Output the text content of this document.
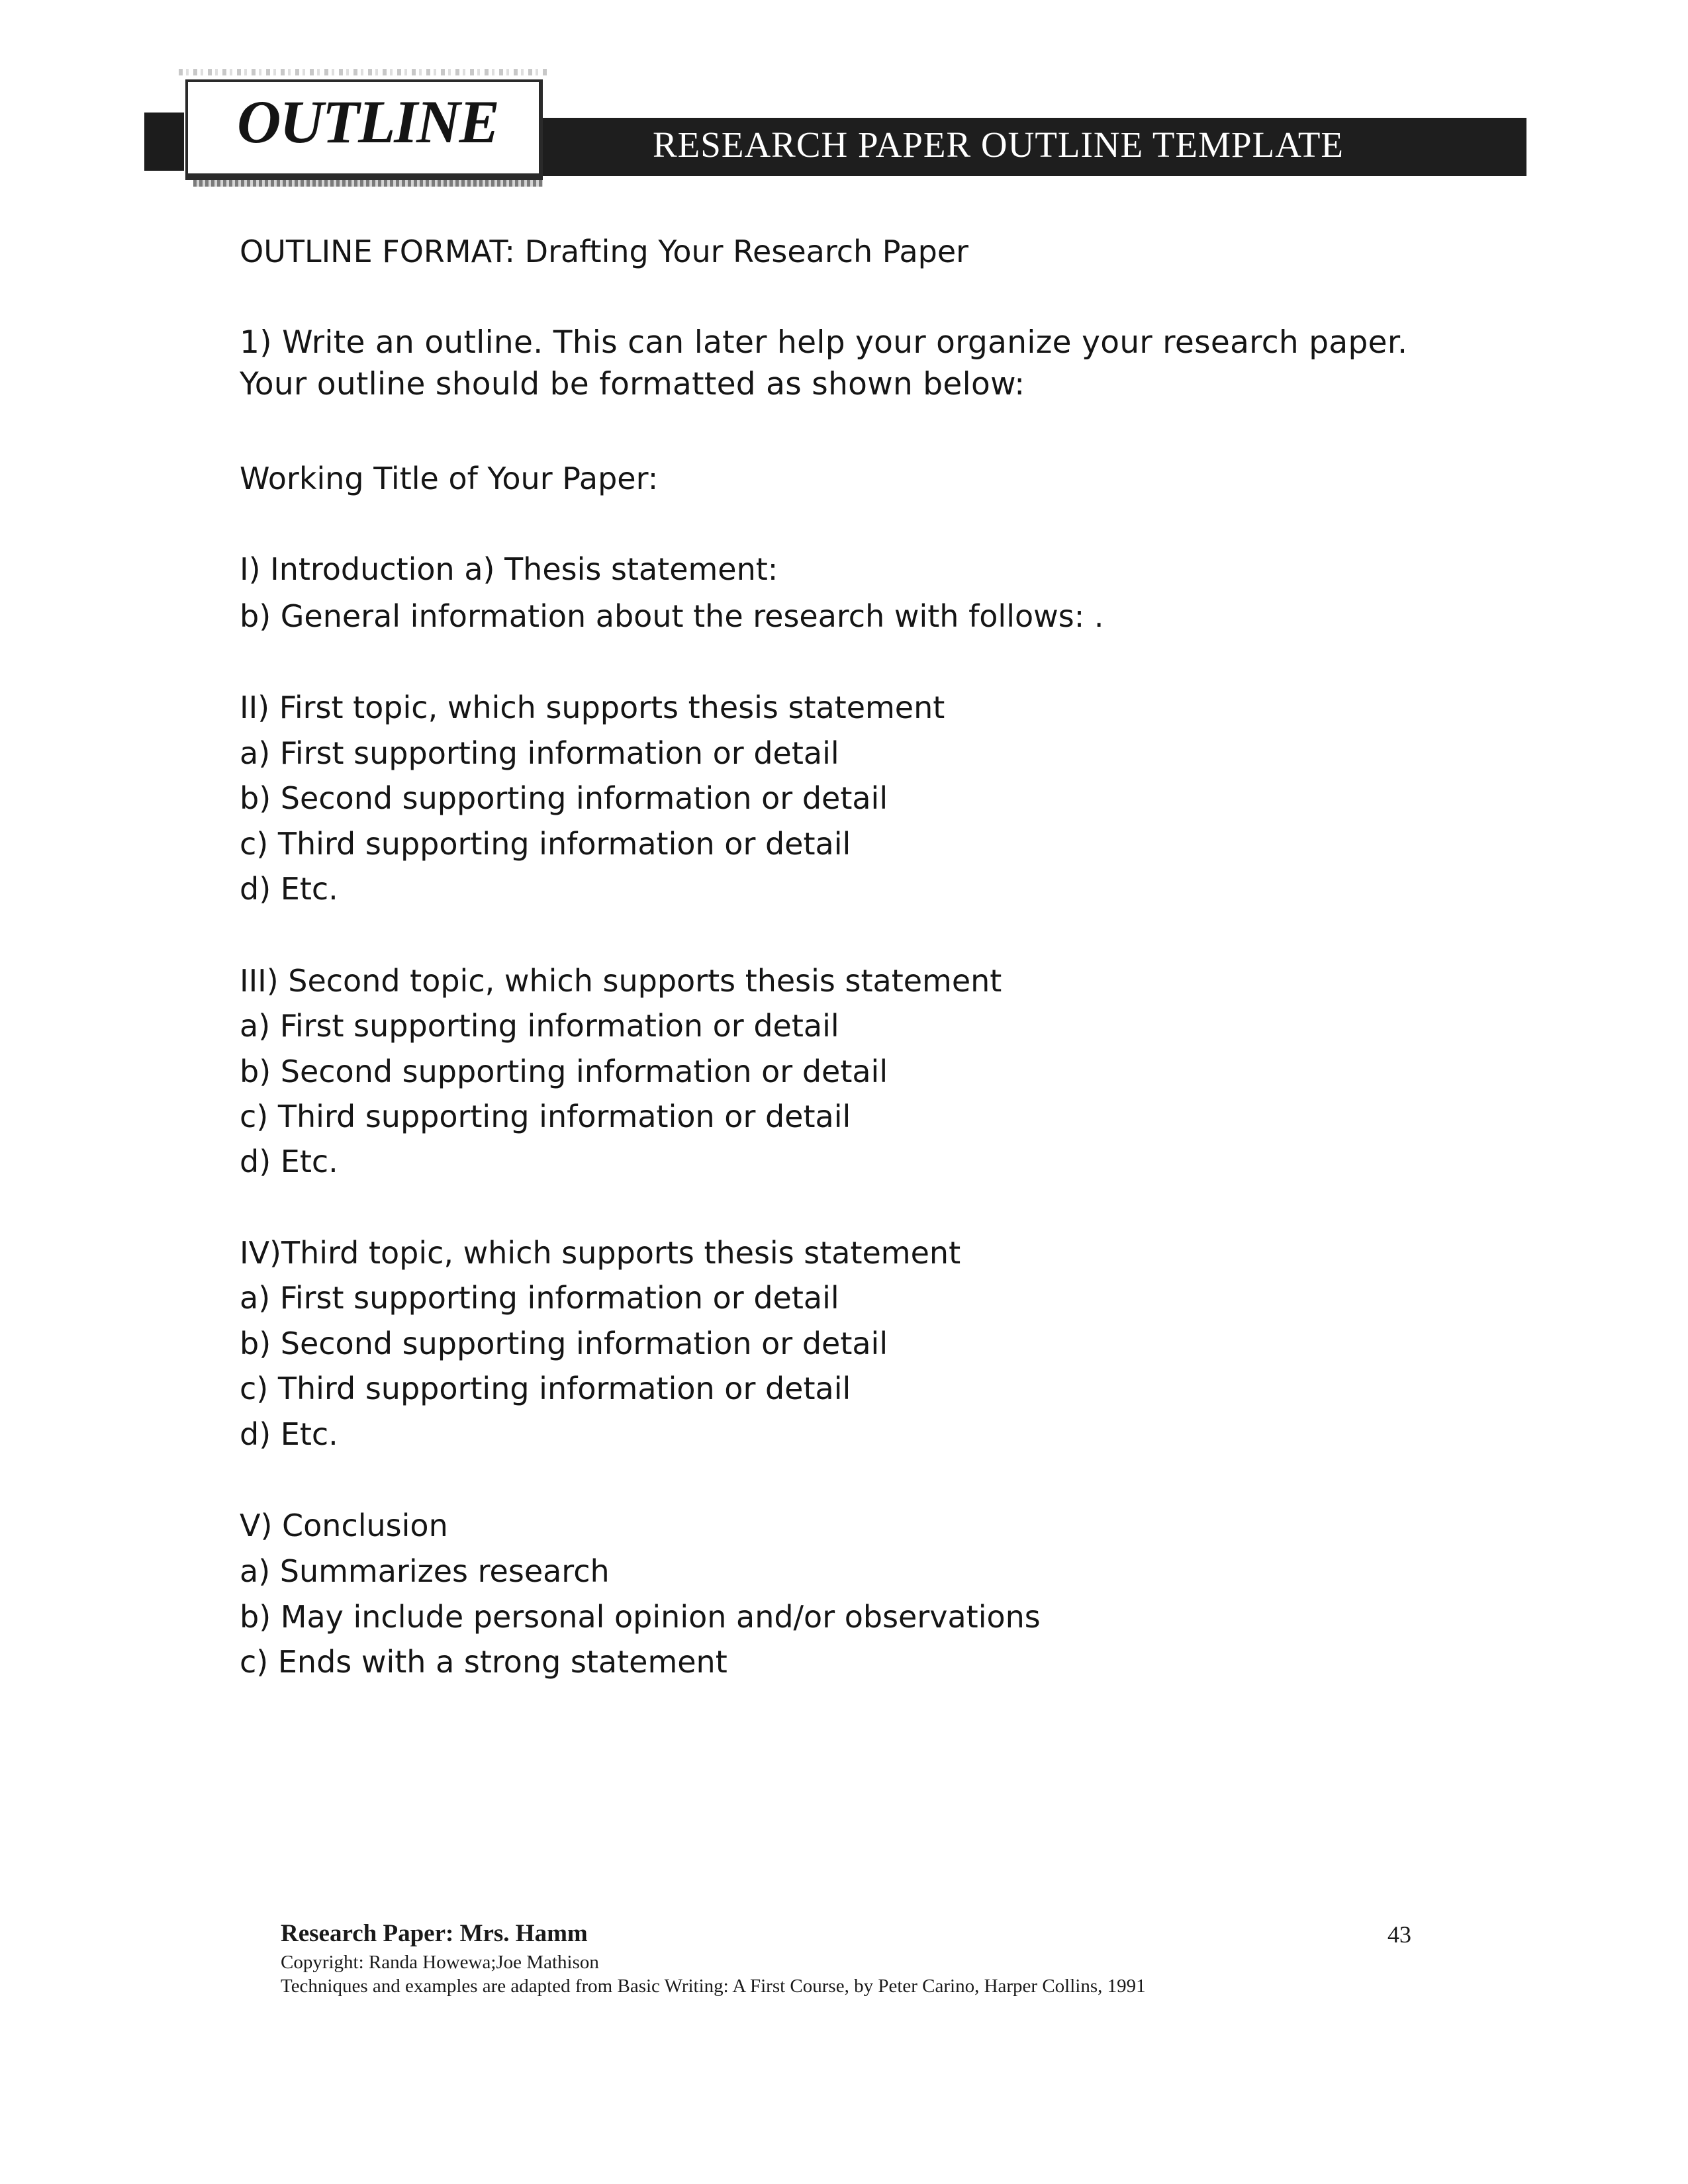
OUTLINE	RESEARCH PAPER OUTLINE TEMPLATE
OUTLINE FORMAT: Drafting Your Research Paper
1) Write an outline. This can later help your organize your research paper.
Your outline should be formatted as shown below:
Working Title of Your Paper:
I) Introduction a) Thesis statement:
b) General information about the research with follows: .
II) First topic, which supports thesis statement
a) First supporting information or detail
b) Second supporting information or detail
c) Third supporting information or detail
d) Etc.
III) Second topic, which supports thesis statement
a) First supporting information or detail
b) Second supporting information or detail
c) Third supporting information or detail
d) Etc.
IV)Third topic, which supports thesis statement
a) First supporting information or detail
b) Second supporting information or detail
c) Third supporting information or detail
d) Etc.
V) Conclusion
a) Summarizes research
b) May include personal opinion and/or observations
c) Ends with a strong statement
Research Paper: Mrs. Hamm	43
Copyright: Randa Howewa;Joe Mathison
Techniques and examples are adapted from Basic Writing: A First Course, by Peter Carino, Harper Collins, 1991
